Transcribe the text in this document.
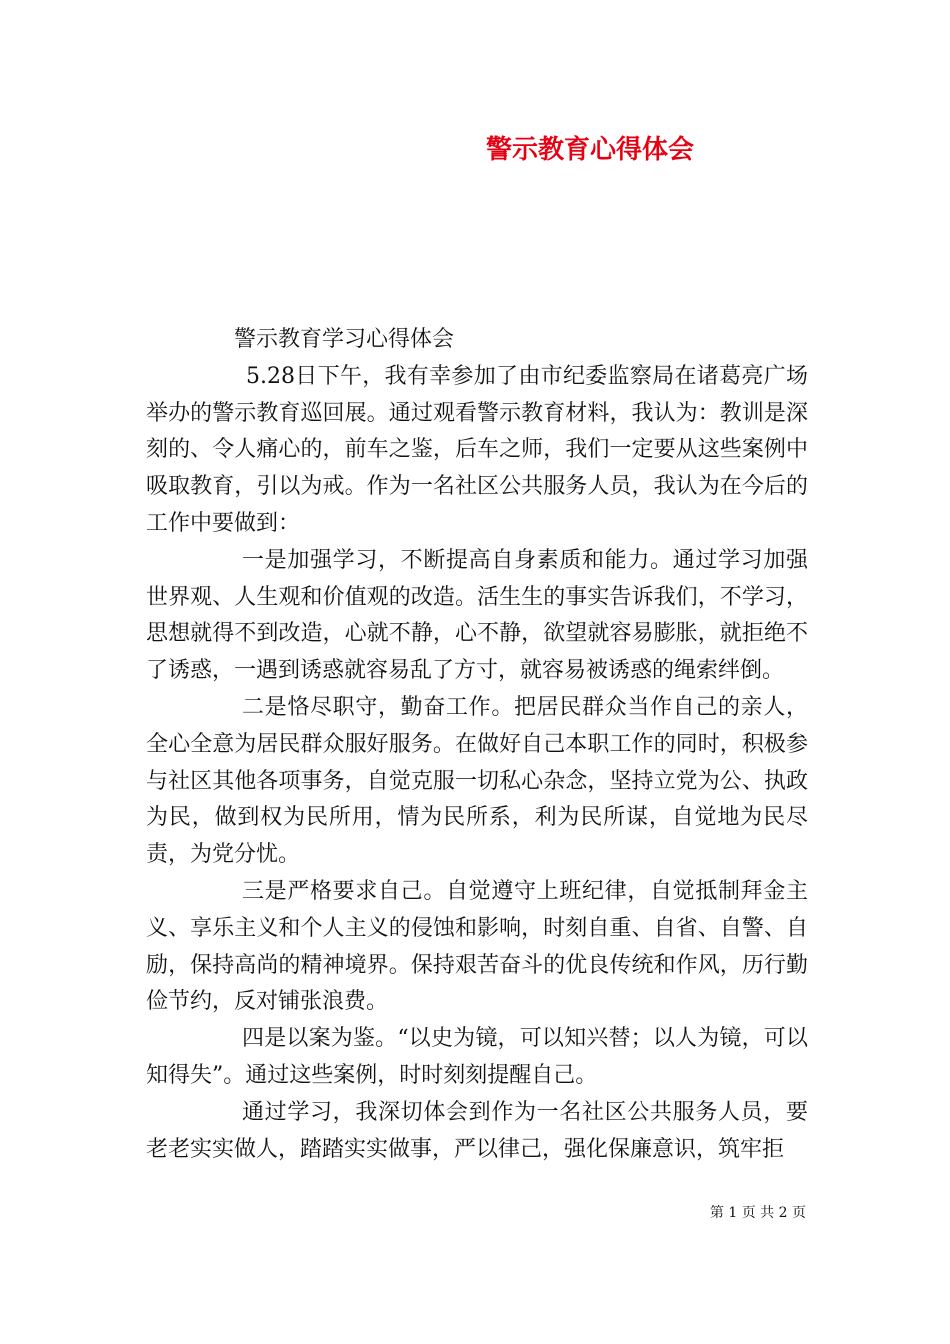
警示教育心得体会

警示教育学习心得体会

5.28日下午，我有幸参加了由市纪委监察局在诸葛亮广场举办的警示教育巡回展。通过观看警示教育材料，我认为：教训是深刻的、令人痛心的，前车之鉴，后车之师，我们一定要从这些案例中吸取教育，引以为戒。作为一名社区公共服务人员，我认为在今后的工作中要做到：

一是加强学习，不断提高自身素质和能力。通过学习加强世界观、人生观和价值观的改造。活生生的事实告诉我们，不学习，思想就得不到改造，心就不静，心不静，欲望就容易膨胀，就拒绝不了诱惑，一遇到诱惑就容易乱了方寸，就容易被诱惑的绳索绊倒。

二是恪尽职守，勤奋工作。把居民群众当作自己的亲人，全心全意为居民群众服好服务。在做好自己本职工作的同时，积极参与社区其他各项事务，自觉克服一切私心杂念，坚持立党为公、执政为民，做到权为民所用，情为民所系，利为民所谋，自觉地为民尽责，为党分忧。

三是严格要求自己。自觉遵守上班纪律，自觉抵制拜金主义、享乐主义和个人主义的侵蚀和影响，时刻自重、自省、自警、自励，保持高尚的精神境界。保持艰苦奋斗的优良传统和作风，历行勤俭节约，反对铺张浪费。

四是以案为鉴。“以史为镜，可以知兴替；以人为镜，可以知得失”。通过这些案例，时时刻刻提醒自己。

通过学习，我深切体会到作为一名社区公共服务人员，要老老实实做人，踏踏实实做事，严以律己，强化保廉意识，筑牢拒

第 1 页 共 2 页
